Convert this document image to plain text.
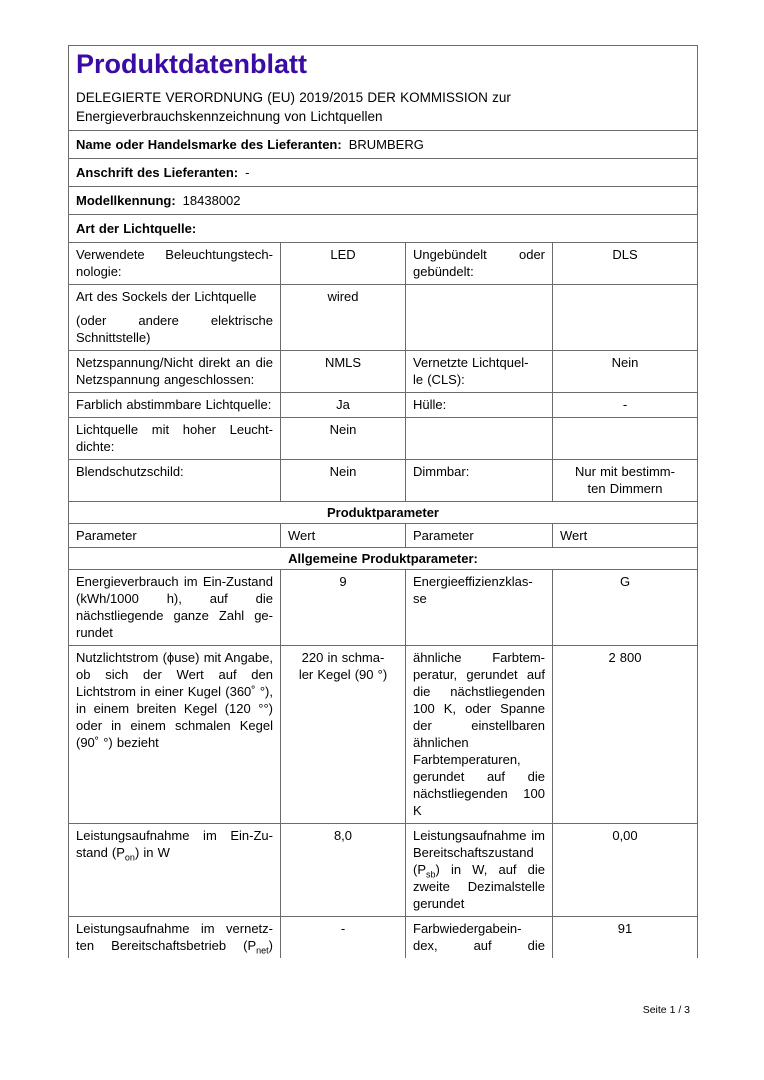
Produktdatenblatt
DELEGIERTE VERORDNUNG (EU) 2019/2015 DER KOMMISSION zur
Energieverbrauchskennzeichnung von Lichtquellen			

Name oder Handelsmarke des Lieferanten: BRUMBERG			
Anschrift des Lieferanten: -			
Modellkennung: 18438002			
Art der Lichtquelle:			
Verwendete Beleuchtungstechnologie:	LED	Ungebündelt oder gebündelt:	DLS
Art des Sockels der Lichtquelle
(oder andere elektrische Schnittstelle)	wired		
Netzspannung/Nicht direkt an die Netzspannung angeschlossen:	NMLS	Vernetzte Lichtquel-
le (CLS):	Nein
Farblich abstimmbare Lichtquelle:	Ja	Hülle:	-
Lichtquelle mit hoher Leuchtdichte:	Nein		
Blendschutzschild:	Nein	Dimmbar:	Nur mit bestimm-
ten Dimmern
Produktparameter			
Parameter	Wert	Parameter	Wert
Allgemeine Produktparameter:			
Energieverbrauch im Ein-Zustand (kWh/1000 h), auf die nächstliegende ganze Zahl gerundet	9	Energieeffizienzklas-
se	G
Nutzlichtstrom (ϕuse) mit Angabe, ob sich der Wert auf den Lichtstrom in einer Kugel (360˚ °), in einem breiten Kegel (120 °°) oder in einem schmalen Kegel (90˚ °) bezieht	220 in schma-
ler Kegel (90 °)	ähnliche Farbtemperatur, gerundet auf die nächstliegenden 100 K, oder Spanne der einstellbaren ähnlichen Farbtemperaturen, gerundet auf die nächstliegenden 100 K	2 800
Leistungsaufnahme im Ein-Zustand $(P_{on})$ in W	8,0	Leistungsaufnahme im Bereitschaftszustand $(P_{sb})$ in W, auf die zweite Dezimalstelle gerundet	0,00
Leistungsaufnahme im vernetz-
ten Bereitschaftsbetrieb $(P_{net})$	-	Farbwiedergabein-
dex, auf die	91
Seite 1 / 3
